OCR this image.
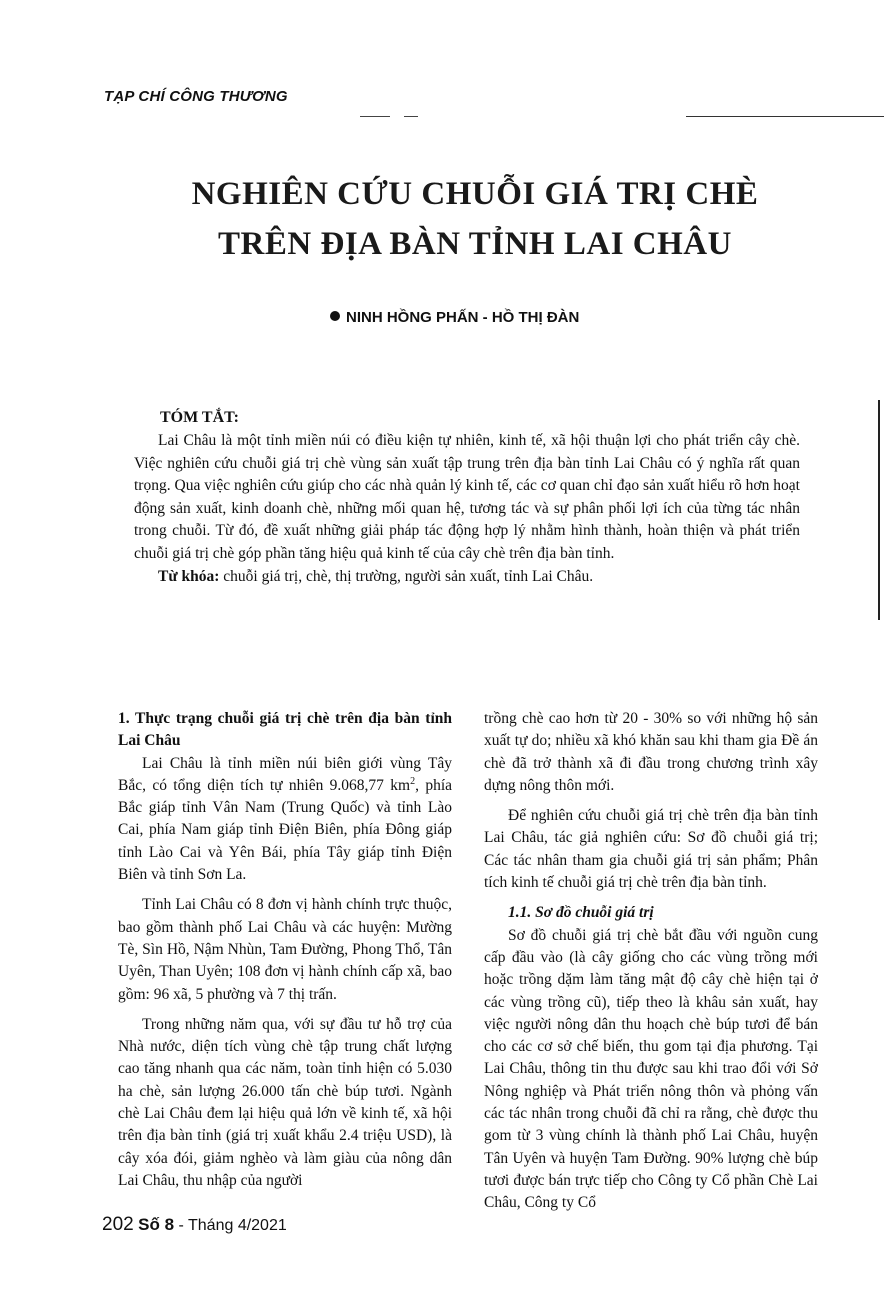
TẠP CHÍ CÔNG THƯƠNG
NGHIÊN CỨU CHUỖI GIÁ TRỊ CHÈ
TRÊN ĐỊA BÀN TỈNH LAI CHÂU
NINH HỒNG PHẤN - HỒ THỊ ĐÀN
TÓM TẮT:

Lai Châu là một tỉnh miền núi có điều kiện tự nhiên, kinh tế, xã hội thuận lợi cho phát triển cây chè. Việc nghiên cứu chuỗi giá trị chè vùng sản xuất tập trung trên địa bàn tỉnh Lai Châu có ý nghĩa rất quan trọng. Qua việc nghiên cứu giúp cho các nhà quản lý kinh tế, các cơ quan chỉ đạo sản xuất hiểu rõ hơn hoạt động sản xuất, kinh doanh chè, những mối quan hệ, tương tác và sự phân phối lợi ích của từng tác nhân trong chuỗi. Từ đó, đề xuất những giải pháp tác động hợp lý nhằm hình thành, hoàn thiện và phát triển chuỗi giá trị chè góp phần tăng hiệu quả kinh tế của cây chè trên địa bàn tỉnh.

Từ khóa: chuỗi giá trị, chè, thị trường, người sản xuất, tỉnh Lai Châu.

1. Thực trạng chuỗi giá trị chè trên địa bàn tỉnh Lai Châu

Lai Châu là tỉnh miền núi biên giới vùng Tây Bắc, có tổng diện tích tự nhiên 9.068,77 $km^2$, phía Bắc giáp tỉnh Vân Nam (Trung Quốc) và tỉnh Lào Cai, phía Nam giáp tỉnh Điện Biên, phía Đông giáp tỉnh Lào Cai và Yên Bái, phía Tây giáp tỉnh Điện Biên và tỉnh Sơn La.

Tỉnh Lai Châu có 8 đơn vị hành chính trực thuộc, bao gồm thành phố Lai Châu và các huyện: Mường Tè, Sìn Hồ, Nậm Nhùn, Tam Đường, Phong Thổ, Tân Uyên, Than Uyên; 108 đơn vị hành chính cấp xã, bao gồm: 96 xã, 5 phường và 7 thị trấn.

Trong những năm qua, với sự đầu tư hỗ trợ của Nhà nước, diện tích vùng chè tập trung chất lượng cao tăng nhanh qua các năm, toàn tỉnh hiện có 5.030 ha chè, sản lượng 26.000 tấn chè búp tươi. Ngành chè Lai Châu đem lại hiệu quả lớn về kinh tế, xã hội trên địa bàn tỉnh (giá trị xuất khẩu 2.4 triệu USD), là cây xóa đói, giảm nghèo và làm giàu của nông dân Lai Châu, thu nhập của người

trồng chè cao hơn từ 20 - 30% so với những hộ sản xuất tự do; nhiều xã khó khăn sau khi tham gia Đề án chè đã trở thành xã đi đầu trong chương trình xây dựng nông thôn mới.

Để nghiên cứu chuỗi giá trị chè trên địa bàn tỉnh Lai Châu, tác giả nghiên cứu: Sơ đồ chuỗi giá trị; Các tác nhân tham gia chuỗi giá trị sản phẩm; Phân tích kinh tế chuỗi giá trị chè trên địa bàn tỉnh.

1.1. Sơ đồ chuỗi giá trị

Sơ đồ chuỗi giá trị chè bắt đầu với nguồn cung cấp đầu vào (là cây giống cho các vùng trồng mới hoặc trồng dặm làm tăng mật độ cây chè hiện tại ở các vùng trồng cũ), tiếp theo là khâu sản xuất, hay việc người nông dân thu hoạch chè búp tươi để bán cho các cơ sở chế biến, thu gom tại địa phương. Tại Lai Châu, thông tin thu được sau khi trao đổi với Sở Nông nghiệp và Phát triển nông thôn và phỏng vấn các tác nhân trong chuỗi đã chỉ ra rằng, chè được thu gom từ 3 vùng chính là thành phố Lai Châu, huyện Tân Uyên và huyện Tam Đường. 90% lượng chè búp tươi được bán trực tiếp cho Công ty Cổ phần Chè Lai Châu, Công ty Cổ

202 Số 8 - Tháng 4/2021
